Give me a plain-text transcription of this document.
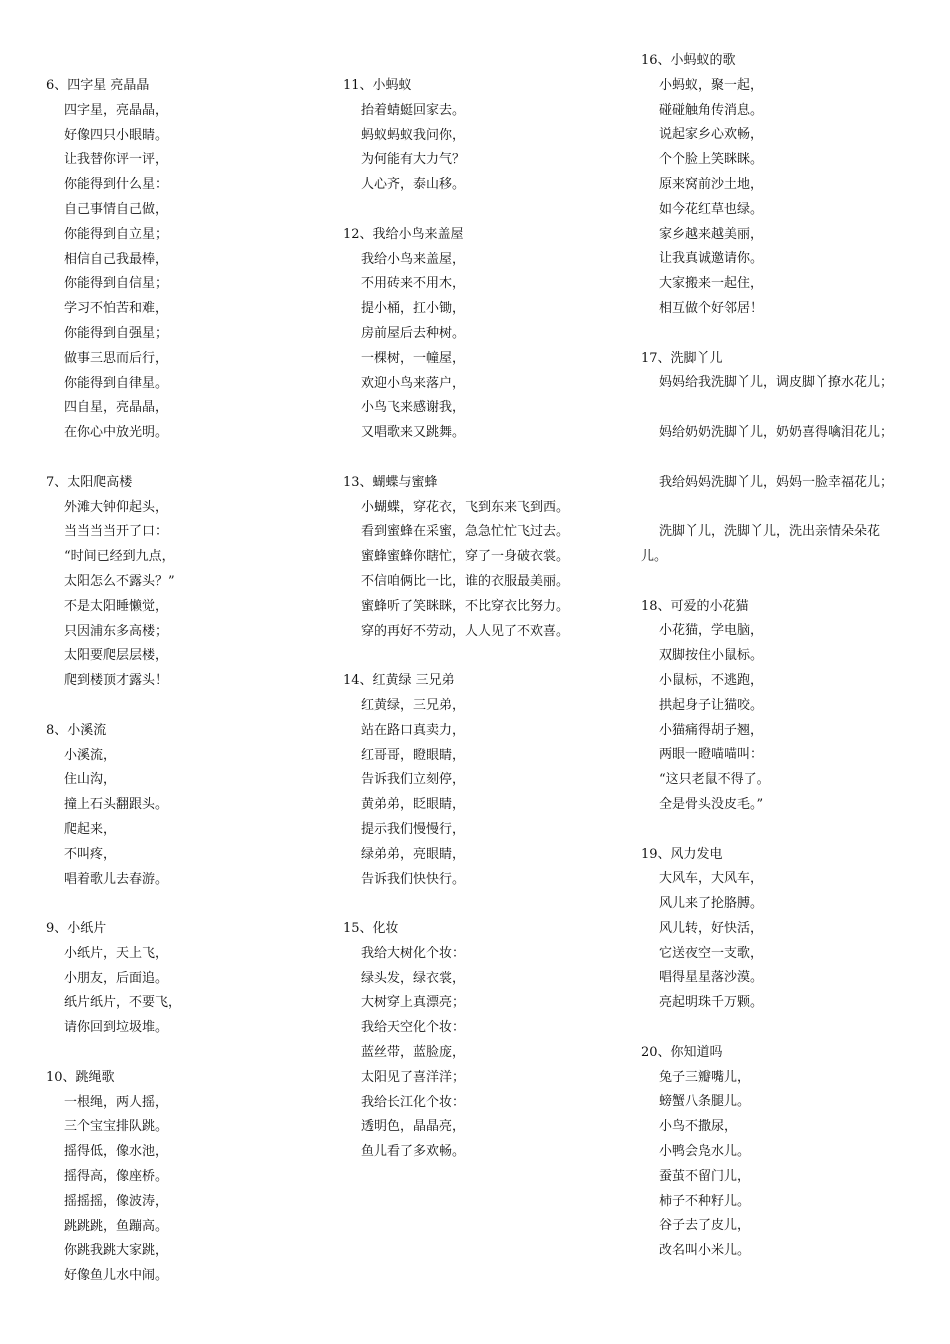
6、四字星 亮晶晶
四字星，亮晶晶，
好像四只小眼睛。
让我替你评一评，
你能得到什么星：
自己事情自己做，
你能得到自立星；
相信自己我最棒，
你能得到自信星；
学习不怕苦和难，
你能得到自强星；
做事三思而后行，
你能得到自律星。
四自星，亮晶晶，
在你心中放光明。
7、太阳爬高楼
外滩大钟仰起头，
当当当当开了口：
“时间已经到九点，
太阳怎么不露头？”
不是太阳睡懒觉，
只因浦东多高楼；
太阳要爬层层楼，
爬到楼顶才露头！
8、小溪流
小溪流，
住山沟，
撞上石头翻跟头。
爬起来，
不叫疼，
唱着歌儿去春游。
9、小纸片
小纸片，天上飞，
小朋友，后面追。
纸片纸片，不要飞，
请你回到垃圾堆。
10、跳绳歌
一根绳，两人摇，
三个宝宝排队跳。
摇得低，像水池，
摇得高，像座桥。
摇摇摇，像波涛，
跳跳跳，鱼蹦高。
你跳我跳大家跳，
好像鱼儿水中闹。
11、小蚂蚁
抬着蜻蜓回家去。
蚂蚁蚂蚁我问你，
为何能有大力气？
人心齐，泰山移。
12、我给小鸟来盖屋
我给小鸟来盖屋，
不用砖来不用木，
提小桶，扛小锄，
房前屋后去种树。
一棵树，一幢屋，
欢迎小鸟来落户，
小鸟飞来感谢我，
又唱歌来又跳舞。
13、蝴蝶与蜜蜂
小蝴蝶，穿花衣，飞到东来飞到西。
看到蜜蜂在采蜜，急急忙忙飞过去。
蜜蜂蜜蜂你瞎忙，穿了一身破衣裳。
不信咱俩比一比，谁的衣服最美丽。
蜜蜂听了笑眯眯，不比穿衣比努力。
穿的再好不劳动，人人见了不欢喜。
14、红黄绿 三兄弟
红黄绿，三兄弟，
站在路口真卖力，
红哥哥，瞪眼睛，
告诉我们立刻停，
黄弟弟，眨眼睛，
提示我们慢慢行，
绿弟弟，亮眼睛，
告诉我们快快行。
15、化妆
我给大树化个妆：
绿头发，绿衣裳，
大树穿上真漂亮；
我给天空化个妆：
蓝丝带，蓝脸庞，
太阳见了喜洋洋；
我给长江化个妆：
透明色，晶晶亮，
鱼儿看了多欢畅。
16、小蚂蚁的歌
小蚂蚁，聚一起，
碰碰触角传消息。
说起家乡心欢畅，
个个脸上笑眯眯。
原来窝前沙土地，
如今花红草也绿。
家乡越来越美丽，
让我真诚邀请你。
大家搬来一起住，
相互做个好邻居！
17、洗脚丫儿
妈妈给我洗脚丫儿，调皮脚丫撩水花儿；
妈给奶奶洗脚丫儿，奶奶喜得噙泪花儿；
我给妈妈洗脚丫儿，妈妈一脸幸福花儿；
洗脚丫儿，洗脚丫儿，洗出亲情朵朵花
儿。
18、可爱的小花猫
小花猫，学电脑，
双脚按住小鼠标。
小鼠标，不逃跑，
拱起身子让猫咬。
小猫痛得胡子翘，
两眼一瞪喵喵叫：
“这只老鼠不得了。
全是骨头没皮毛。”
19、风力发电
大风车，大风车，
风儿来了抡胳膊。
风儿转，好快活，
它送夜空一支歌，
唱得星星落沙漠。
亮起明珠千万颗。
20、你知道吗
兔子三瓣嘴儿，
螃蟹八条腿儿。
小鸟不撒尿，
小鸭会凫水儿。
蚕茧不留门儿，
柿子不种籽儿。
谷子去了皮儿，
改名叫小米儿。
